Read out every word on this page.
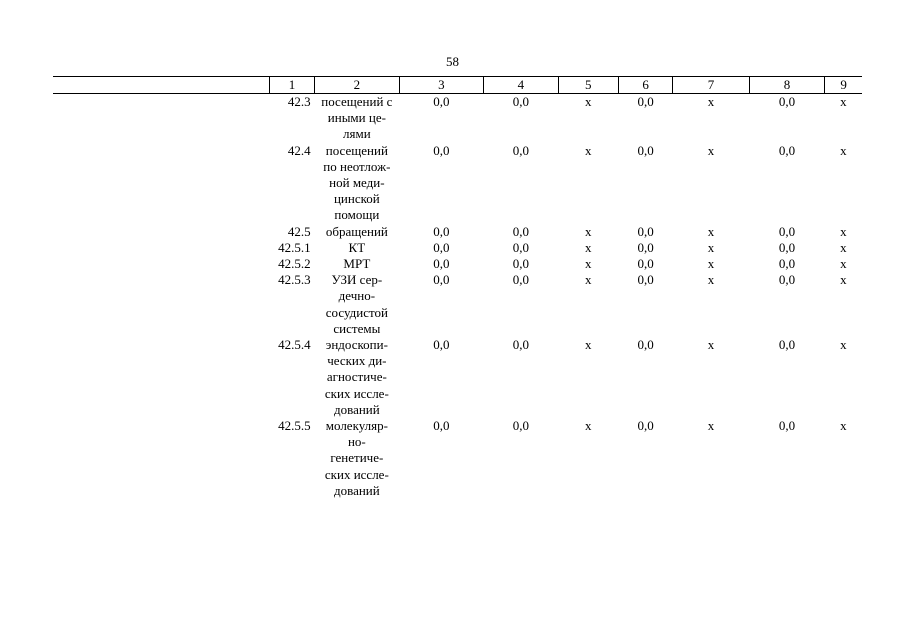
58
	1	2	3	4	5	6	7	8	9
	42.3	посещений с
иными це-
лями	0,0	0,0	х	0,0	х	0,0	х
	42.4	посещений
по неотлож-
ной меди-
цинской
помощи	0,0	0,0	х	0,0	х	0,0	х
	42.5	обращений	0,0	0,0	х	0,0	х	0,0	х
	42.5.1	КТ	0,0	0,0	х	0,0	х	0,0	х
	42.5.2	МРТ	0,0	0,0	х	0,0	х	0,0	х
	42.5.3	УЗИ сер-
дечно-
сосудистой
системы	0,0	0,0	х	0,0	х	0,0	х
	42.5.4	эндоскопи-
ческих ди-
агностиче-
ских иссле-
дований	0,0	0,0	х	0,0	х	0,0	х
	42.5.5	молекуляр-
но-
генетиче-
ских иссле-
дований	0,0	0,0	х	0,0	х	0,0	х
